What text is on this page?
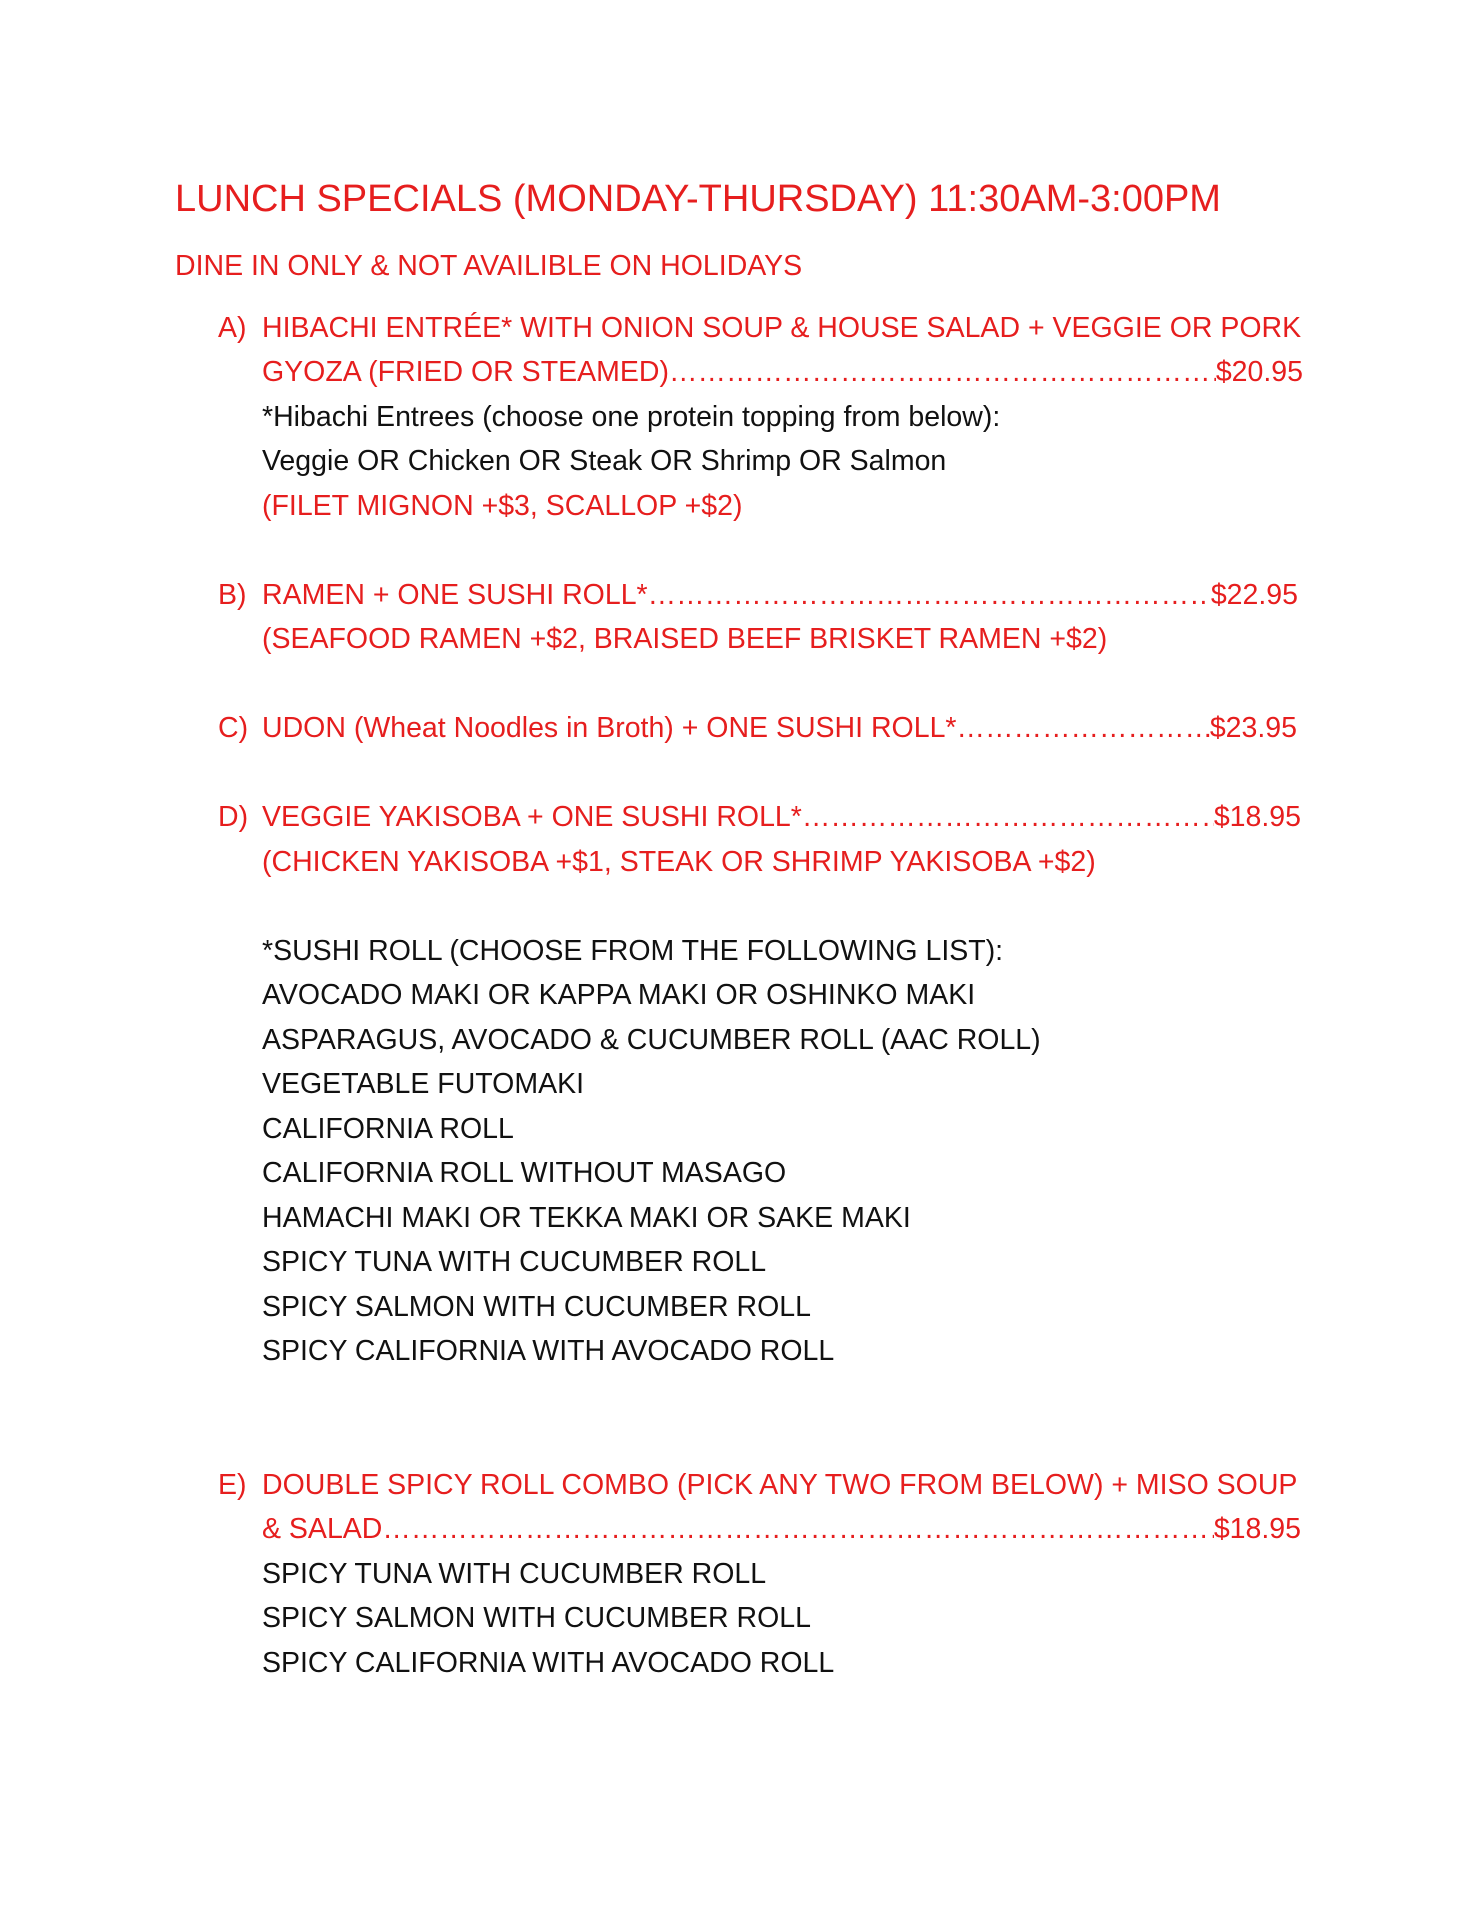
LUNCH SPECIALS (MONDAY-THURSDAY) 11:30AM-3:00PM
DINE IN ONLY & NOT AVAILIBLE ON HOLIDAYS
A) HIBACHI ENTRÉE* WITH ONION SOUP & HOUSE SALAD + VEGGIE OR PORK
GYOZA (FRIED OR STEAMED) ……………………………………………………………………………………………………………………………………………………………………………………………………	$20.95
*Hibachi Entrees (choose one protein topping from below):
Veggie OR Chicken OR Steak OR Shrimp OR Salmon
(FILET MIGNON +$3, SCALLOP +$2)
B) RAMEN + ONE SUSHI ROLL* ……………………………………………………………………………………………………………………………………………………………………………………………………	$22.95
(SEAFOOD RAMEN +$2, BRAISED BEEF BRISKET RAMEN +$2)
C) UDON (Wheat Noodles in Broth) + ONE SUSHI ROLL* ……………………………………………………………………………………………………………………………………………………………………………………………………	$23.95
D) VEGGIE YAKISOBA + ONE SUSHI ROLL* ……………………………………………………………………………………………………………………………………………………………………………………………………	$18.95
(CHICKEN YAKISOBA +$1, STEAK OR SHRIMP YAKISOBA +$2)
*SUSHI ROLL (CHOOSE FROM THE FOLLOWING LIST):
AVOCADO MAKI OR KAPPA MAKI OR OSHINKO MAKI
ASPARAGUS, AVOCADO & CUCUMBER ROLL (AAC ROLL)
VEGETABLE FUTOMAKI
CALIFORNIA ROLL
CALIFORNIA ROLL WITHOUT MASAGO
HAMACHI MAKI OR TEKKA MAKI OR SAKE MAKI
SPICY TUNA WITH CUCUMBER ROLL
SPICY SALMON WITH CUCUMBER ROLL
SPICY CALIFORNIA WITH AVOCADO ROLL
E) DOUBLE SPICY ROLL COMBO (PICK ANY TWO FROM BELOW) + MISO SOUP
& SALAD ……………………………………………………………………………………………………………………………………………………………………………………………………	$18.95
SPICY TUNA WITH CUCUMBER ROLL
SPICY SALMON WITH CUCUMBER ROLL
SPICY CALIFORNIA WITH AVOCADO ROLL
